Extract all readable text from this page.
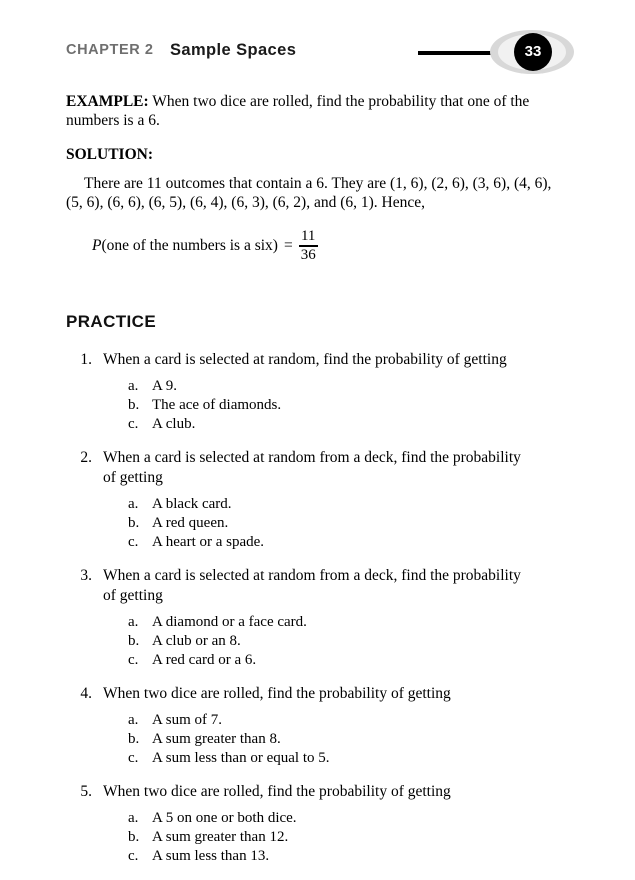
CHAPTER 2 Sample Spaces	33

EXAMPLE: When two dice are rolled, find the probability that one of the numbers is a 6.

SOLUTION:

There are 11 outcomes that contain a 6. They are (1, 6), (2, 6), (3, 6), (4, 6), (5, 6), (6, 6), (6, 5), (6, 4), (6, 3), (6, 2), and (6, 1). Hence,

P (one of the numbers is a $six) = \frac{11}{36}$
PRACTICE
1. When a card is selected at random, find the probability of getting
a. A 9.
b. The ace of diamonds.
c. A club.
2. When a card is selected at random from a deck, find the probability of getting
a. A black card.
b. A red queen.
c. A heart or a spade.
3. When a card is selected at random from a deck, find the probability of getting
a. A diamond or a face card.
b. A club or an 8.
c. A red card or a 6.
4. When two dice are rolled, find the probability of getting
a. A sum of 7.
b. A sum greater than 8.
c. A sum less than or equal to 5.
5. When two dice are rolled, find the probability of getting
a. A 5 on one or both dice.
b. A sum greater than 12.
c. A sum less than 13.
